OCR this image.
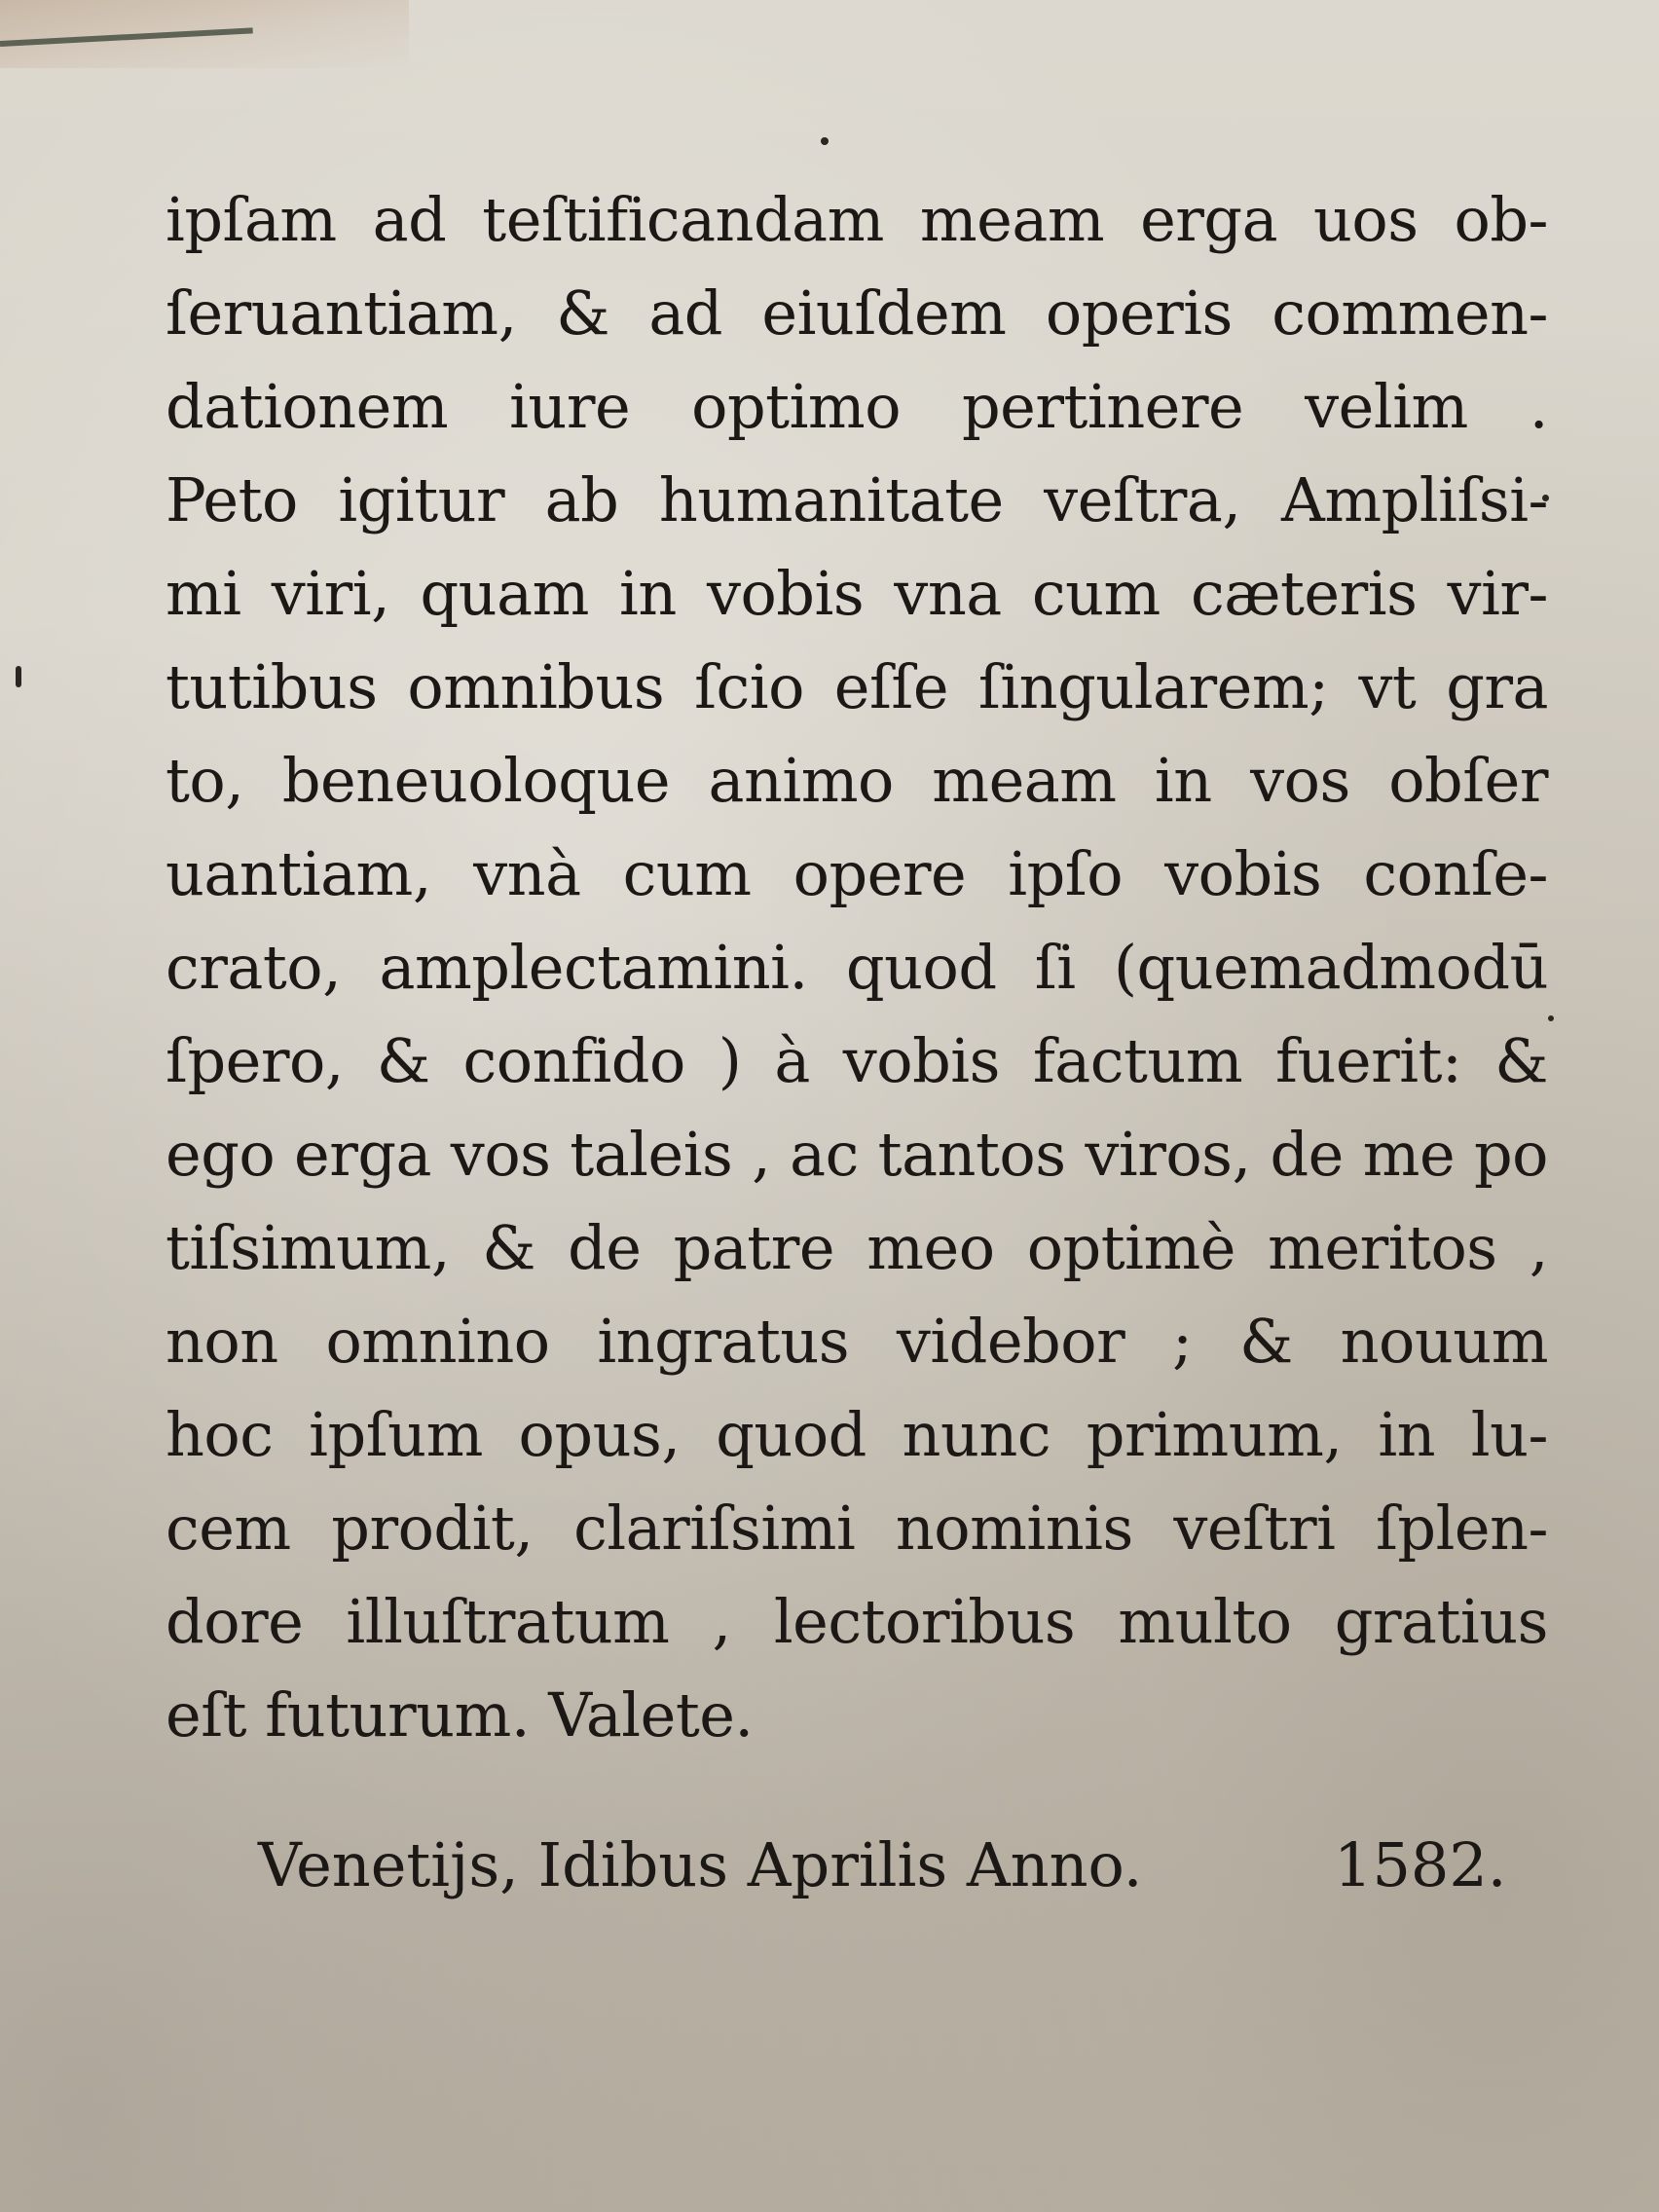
ipſam ad teſtificandam meam erga uos ob-
ſeruantiam, & ad eiuſdem operis commen-
dationem iure optimo pertinere velim .
Peto igitur ab humanitate veſtra, Ampliſsi-
mi viri, quam in vobis vna cum cæteris vir-
tutibus omnibus ſcio eſſe ſingularem; vt gra
to, beneuoloque animo meam in vos obſer
uantiam, vnà cum opere ipſo vobis conſe-
crato, amplectamini. quod ſi (quemadmodū
ſpero, & confido ) à vobis factum fuerit: &
ego erga vos taleis , ac tantos viros, de me po
tiſsimum, & de patre meo optimè meritos ,
non omnino ingratus videbor ; & nouum
hoc ipſum opus, quod nunc primum, in lu-
cem prodit, clariſsimi nominis veſtri ſplen-
dore illuſtratum , lectoribus multo gratius
eſt futurum. Valete.
Venetijs, Idibus Aprilis Anno.	1582.
